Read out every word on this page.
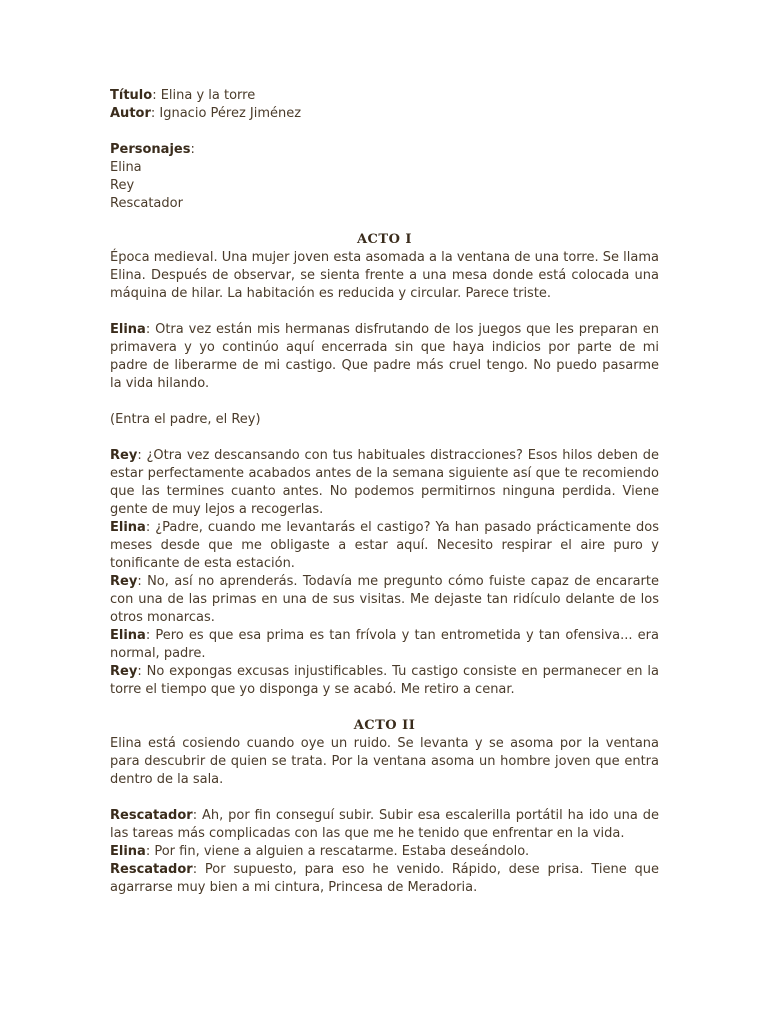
Título: Elina y la torre

Autor: Ignacio Pérez Jiménez

Personajes:

Elina

Rey

Rescatador

ACTO I

Época medieval. Una mujer joven esta asomada a la ventana de una torre. Se llama Elina. Después de observar, se sienta frente a una mesa donde está colocada una máquina de hilar. La habitación es reducida y circular. Parece triste.

Elina: Otra vez están mis hermanas disfrutando de los juegos que les preparan en primavera y yo continúo aquí encerrada sin que haya indicios por parte de mi padre de liberarme de mi castigo. Que padre más cruel tengo. No puedo pasarme la vida hilando.

(Entra el padre, el Rey)

Rey: ¿Otra vez descansando con tus habituales distracciones? Esos hilos deben de estar perfectamente acabados antes de la semana siguiente así que te recomiendo que las termines cuanto antes. No podemos permitirnos ninguna perdida. Viene gente de muy lejos a recogerlas.

Elina: ¿Padre, cuando me levantarás el castigo? Ya han pasado prácticamente dos meses desde que me obligaste a estar aquí. Necesito respirar el aire puro y tonificante de esta estación.

Rey: No, así no aprenderás. Todavía me pregunto cómo fuiste capaz de encararte con una de las primas en una de sus visitas. Me dejaste tan ridículo delante de los otros monarcas.

Elina: Pero es que esa prima es tan frívola y tan entrometida y tan ofensiva... era normal, padre.

Rey: No expongas excusas injustificables. Tu castigo consiste en permanecer en la torre el tiempo que yo disponga y se acabó. Me retiro a cenar.

ACTO II

Elina está cosiendo cuando oye un ruido. Se levanta y se asoma por la ventana para descubrir de quien se trata. Por la ventana asoma un hombre joven que entra dentro de la sala.

Rescatador: Ah, por fin conseguí subir. Subir esa escalerilla portátil ha ido una de las tareas más complicadas con las que me he tenido que enfrentar en la vida.

Elina: Por fin, viene a alguien a rescatarme. Estaba deseándolo.

Rescatador: Por supuesto, para eso he venido. Rápido, dese prisa. Tiene que agarrarse muy bien a mi cintura, Princesa de Meradoria.
